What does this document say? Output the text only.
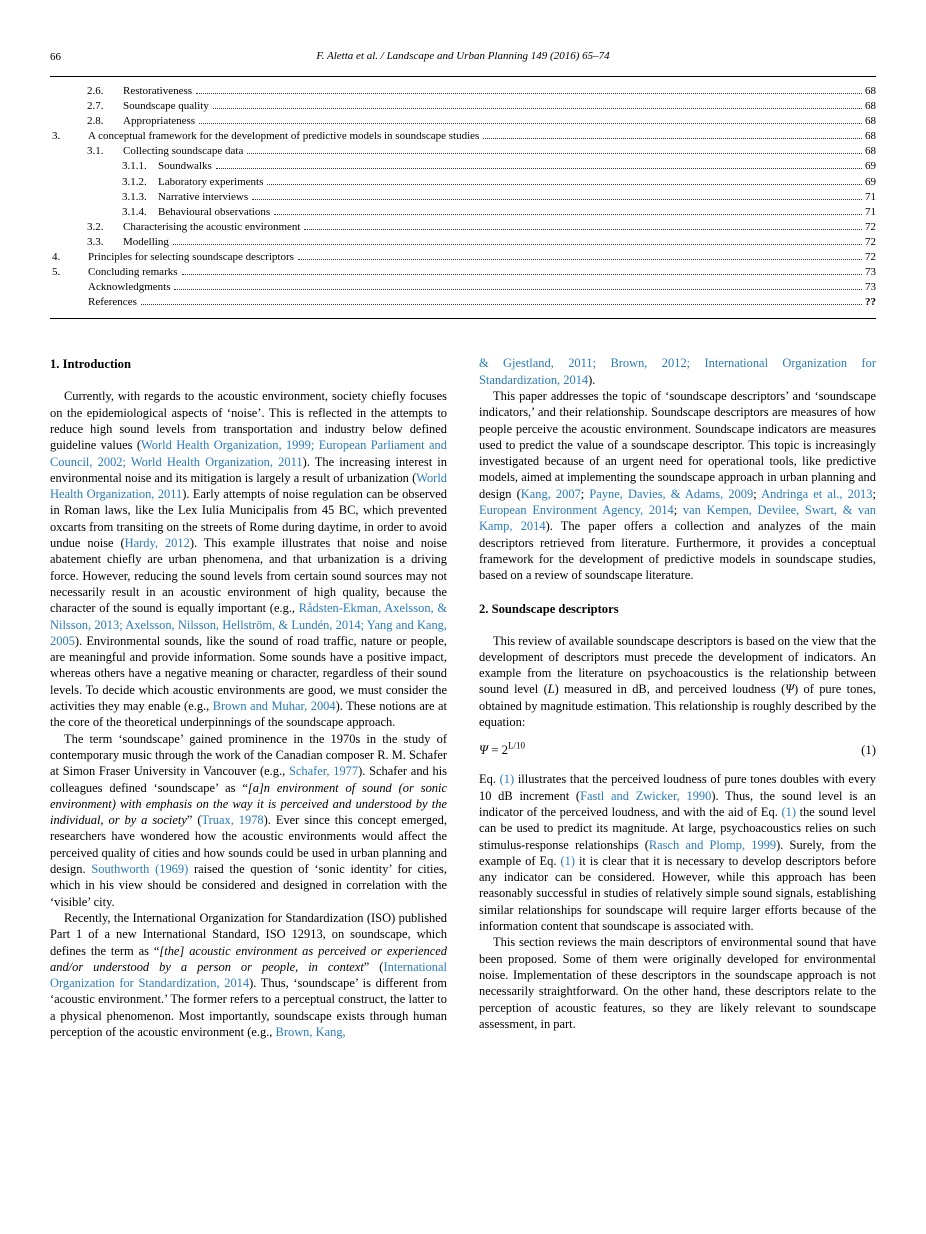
66	F. Aletta et al. / Landscape and Urban Planning 149 (2016) 65–74
2.6.	Restorativeness	68
2.7.	Soundscape quality	68
2.8.	Appropriateness	68
3.	A conceptual framework for the development of predictive models in soundscape studies	68
3.1.	Collecting soundscape data	68
3.1.1.	Soundwalks	69
3.1.2.	Laboratory experiments	69
3.1.3.	Narrative interviews	71
3.1.4.	Behavioural observations	71
3.2.	Characterising the acoustic environment	72
3.3.	Modelling	72
4.	Principles for selecting soundscape descriptors	72
5.	Concluding remarks	73
Acknowledgments	73
References	??
1. Introduction

Currently, with regards to the acoustic environment, society chiefly focuses on the epidemiological aspects of ‘noise’. This is reflected in the attempts to reduce high sound levels from transportation and industry below defined guideline values (World Health Organization, 1999; European Parliament and Council, 2002; World Health Organization, 2011). The increasing interest in environmental noise and its mitigation is largely a result of urbanization (World Health Organization, 2011). Early attempts of noise regulation can be observed in Roman laws, like the Lex Iulia Municipalis from 45 BC, which prevented oxcarts from transiting on the streets of Rome during daytime, in order to avoid undue noise (Hardy, 2012). This example illustrates that noise and noise abatement chiefly are urban phenomena, and that urbanization is a driving force. However, reducing the sound levels from certain sound sources may not necessarily result in an acoustic environment of high quality, because the character of the sound is equally important (e.g., Rådsten-Ekman, Axelsson, & Nilsson, 2013; Axelsson, Nilsson, Hellström, & Lundén, 2014; Yang and Kang, 2005). Environmental sounds, like the sound of road traffic, nature or people, are meaningful and provide information. Some sounds have a positive impact, whereas others have a negative meaning or character, regardless of their sound levels. To decide which acoustic environments are good, we must consider the activities they may enable (e.g., Brown and Muhar, 2004). These notions are at the core of the theoretical underpinnings of the soundscape approach.

The term ‘soundscape’ gained prominence in the 1970s in the study of contemporary music through the work of the Canadian composer R. M. Schafer at Simon Fraser University in Vancouver (e.g., Schafer, 1977). Schafer and his colleagues defined ‘soundscape’ as “[a]n environment of sound (or sonic environment) with emphasis on the way it is perceived and understood by the individual, or by a society” (Truax, 1978). Ever since this concept emerged, researchers have wondered how the acoustic environments would affect the perceived quality of cities and how sounds could be used in urban planning and design. Southworth (1969) raised the question of ‘sonic identity’ for cities, which in his view should be considered and designed in correlation with the ‘visible’ city.

Recently, the International Organization for Standardization (ISO) published Part 1 of a new International Standard, ISO 12913, on soundscape, which defines the term as “[the] acoustic environment as perceived or experienced and/or understood by a person or people, in context” (International Organization for Standardization, 2014). Thus, ‘soundscape’ is different from ‘acoustic environment.’ The former refers to a perceptual construct, the latter to a physical phenomenon. Most importantly, soundscape exists through human perception of the acoustic environment (e.g., Brown, Kang,

& Gjestland, 2011; Brown, 2012; International Organization for Standardization, 2014).

This paper addresses the topic of ‘soundscape descriptors’ and ‘soundscape indicators,’ and their relationship. Soundscape descriptors are measures of how people perceive the acoustic environment. Soundscape indicators are measures used to predict the value of a soundscape descriptor. This topic is increasingly investigated because of an urgent need for operational tools, like predictive models, aimed at implementing the soundscape approach in urban planning and design (Kang, 2007; Payne, Davies, & Adams, 2009; Andringa et al., 2013; European Environment Agency, 2014; van Kempen, Devilee, Swart, & van Kamp, 2014). The paper offers a collection and analyzes of the main descriptors retrieved from literature. Furthermore, it provides a conceptual framework for the development of predictive models in soundscape studies, based on a review of soundscape literature.

2. Soundscape descriptors

This review of available soundscape descriptors is based on the view that the development of descriptors must precede the development of indicators. An example from the literature on psychoacoustics is the relationship between sound level (L) measured in dB, and perceived loudness (Ψ) of pure tones, obtained by magnitude estimation. This relationship is roughly described by the equation:

$\Psi = 2^{L/10}$	(1)

Eq. (1) illustrates that the perceived loudness of pure tones doubles with every 10 dB increment (Fastl and Zwicker, 1990). Thus, the sound level is an indicator of the perceived loudness, and with the aid of Eq. (1) the sound level can be used to predict its magnitude. At large, psychoacoustics relies on such stimulus-response relationships (Rasch and Plomp, 1999). Surely, from the example of Eq. (1) it is clear that it is necessary to develop descriptors before any indicator can be considered. However, while this approach has been reasonably successful in studies of relatively simple sound signals, establishing similar relationships for soundscape will require larger efforts because of the information content that soundscape is associated with.

This section reviews the main descriptors of environmental sound that have been proposed. Some of them were originally developed for environmental noise. Implementation of these descriptors in the soundscape approach is not necessarily straightforward. On the other hand, these descriptors relate to the perception of acoustic features, so they are likely relevant to soundscape assessment, in part.
